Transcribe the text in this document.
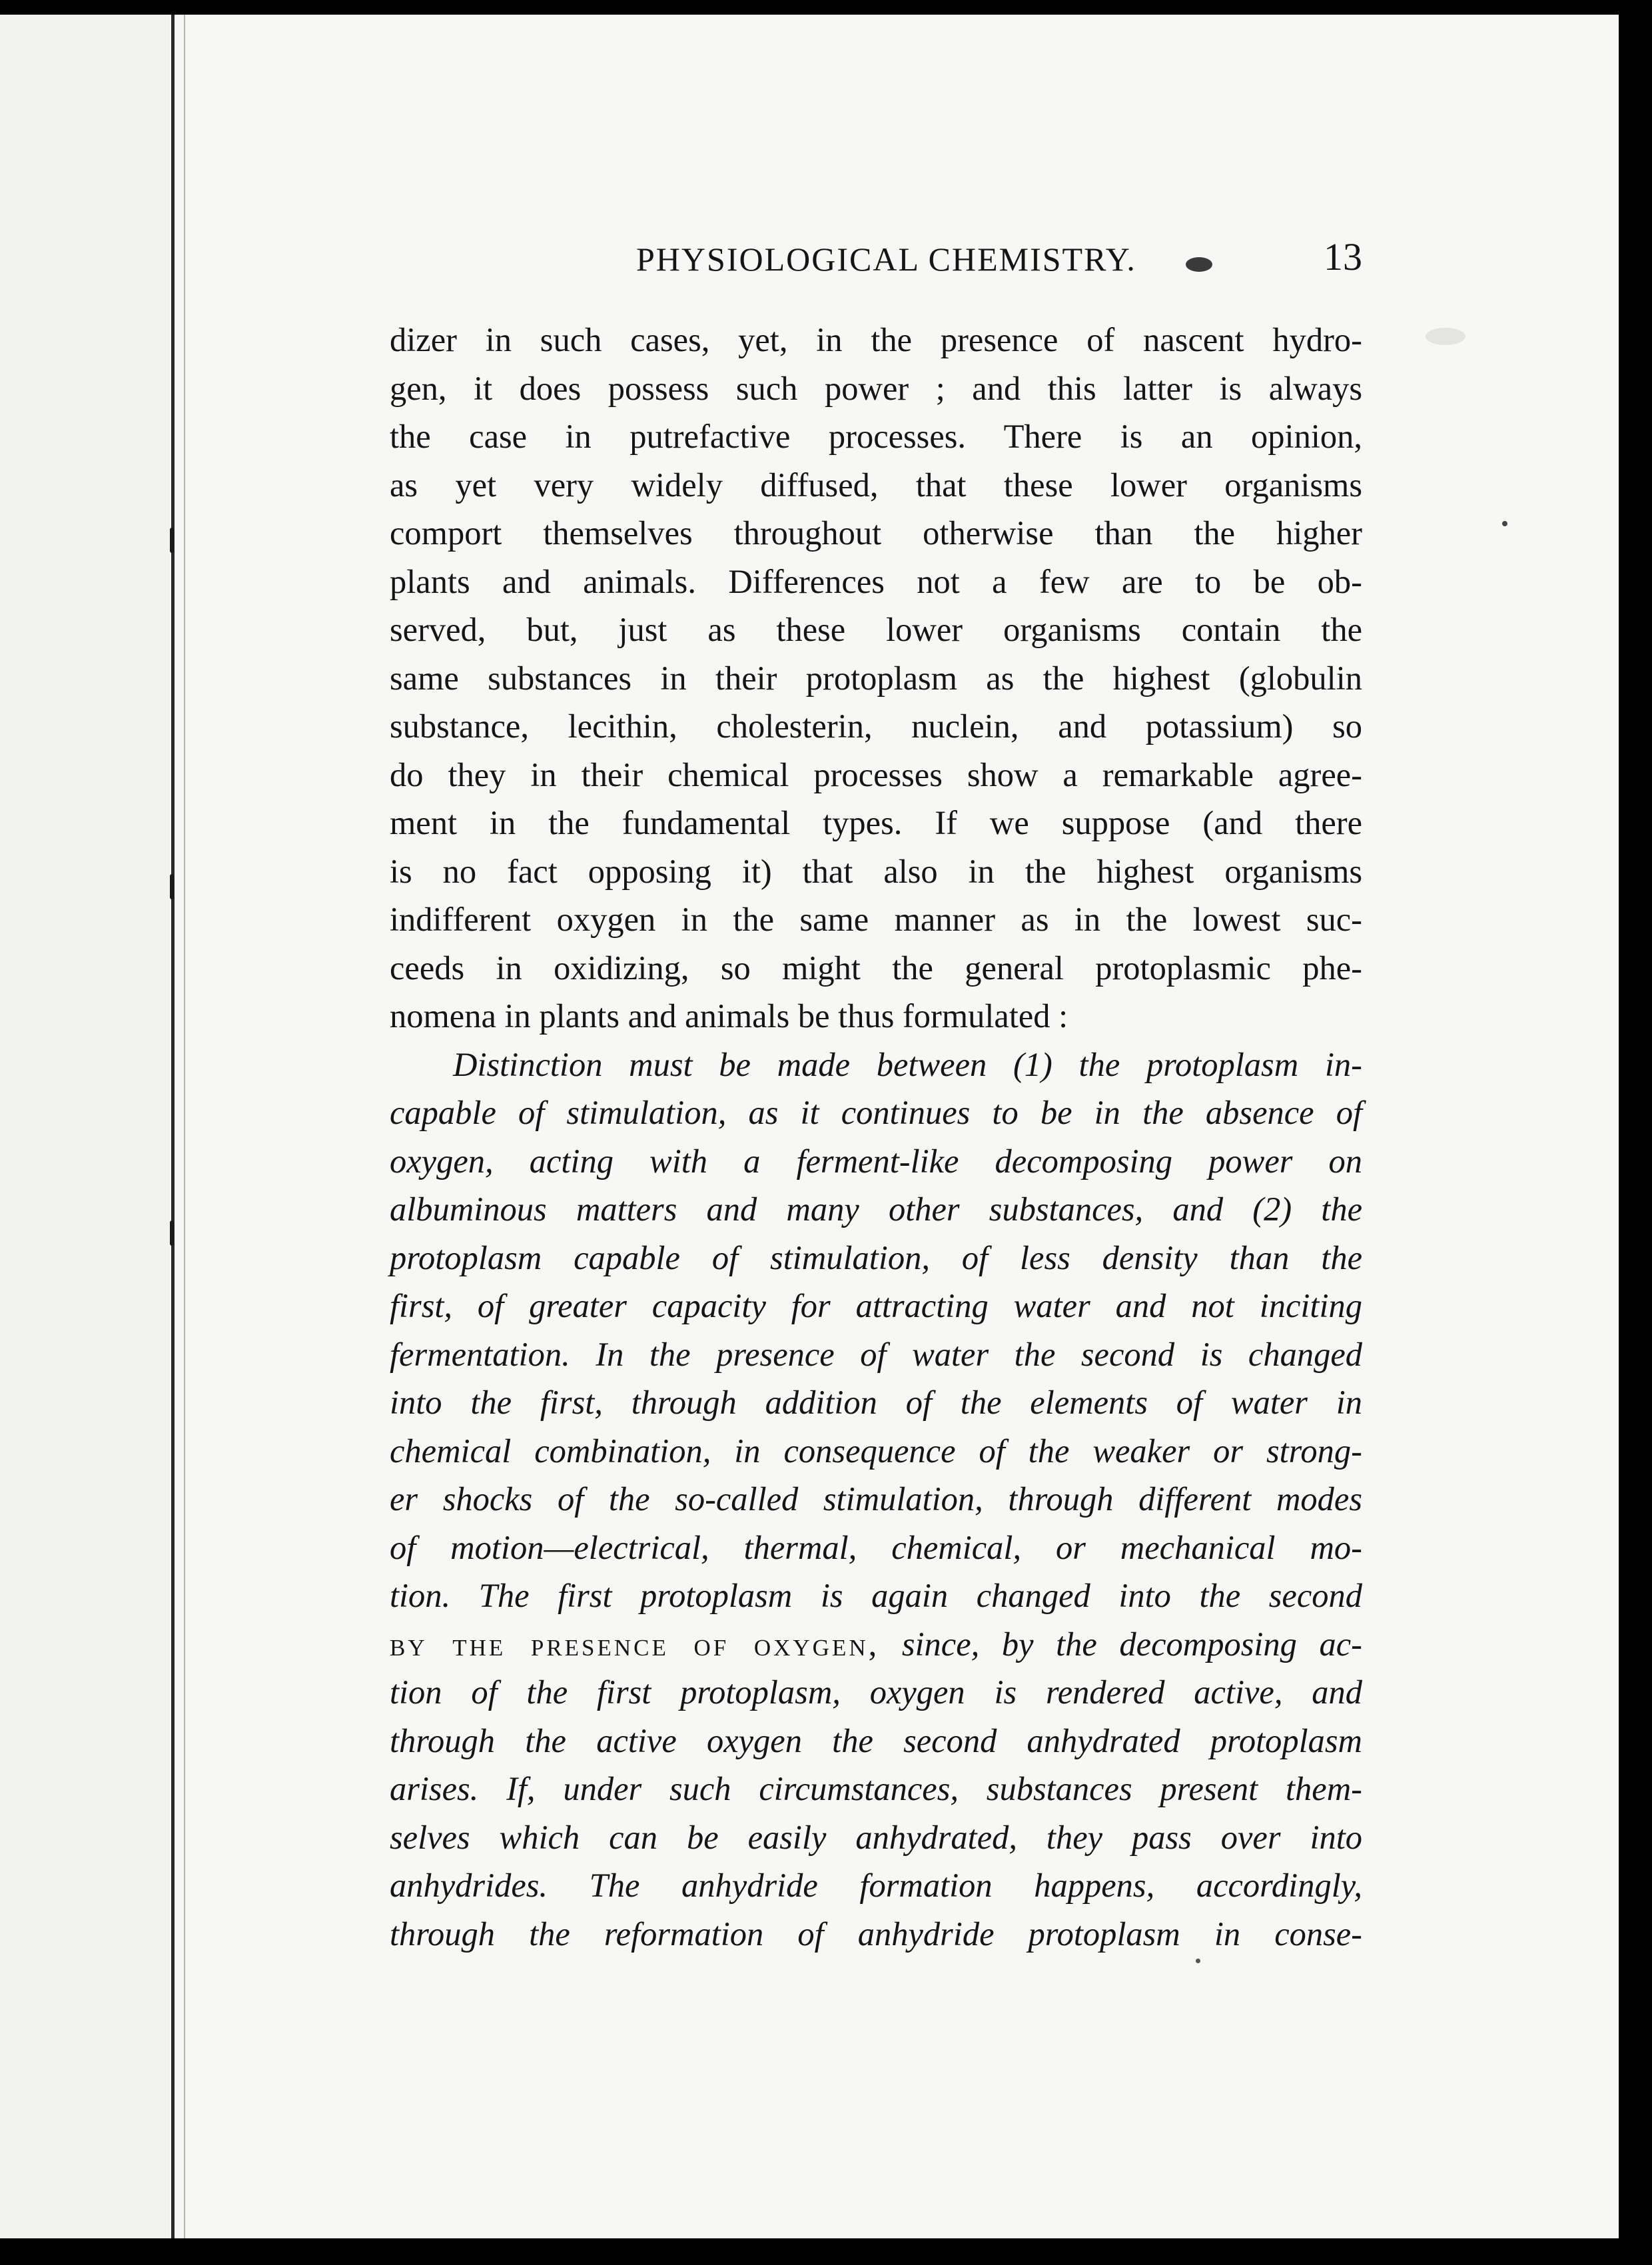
PHYSIOLOGICAL CHEMISTRY.	13
dizer in such cases, yet, in the presence of nascent hydro-
gen, it does possess such power ; and this latter is always
the case in putrefactive processes. There is an opinion,
as yet very widely diffused, that these lower organisms
comport themselves throughout otherwise than the higher
plants and animals. Differences not a few are to be ob-
served, but, just as these lower organisms contain the
same substances in their protoplasm as the highest (globulin
substance, lecithin, cholesterin, nuclein, and potassium) so
do they in their chemical processes show a remarkable agree-
ment in the fundamental types. If we suppose (and there
is no fact opposing it) that also in the highest organisms
indifferent oxygen in the same manner as in the lowest suc-
ceeds in oxidizing, so might the general protoplasmic phe-
nomena in plants and animals be thus formulated :
Distinction must be made between (1) the protoplasm in-
capable of stimulation, as it continues to be in the absence of
oxygen, acting with a ferment-like decomposing power on
albuminous matters and many other substances, and (2) the
protoplasm capable of stimulation, of less density than the
first, of greater capacity for attracting water and not inciting
fermentation. In the presence of water the second is changed
into the first, through addition of the elements of water in
chemical combination, in consequence of the weaker or strong-
er shocks of the so-called stimulation, through different modes
of motion—electrical, thermal, chemical, or mechanical mo-
tion. The first protoplasm is again changed into the second
by the presence of oxygen, since, by the decomposing ac-
tion of the first protoplasm, oxygen is rendered active, and
through the active oxygen the second anhydrated protoplasm
arises. If, under such circumstances, substances present them-
selves which can be easily anhydrated, they pass over into
anhydrides. The anhydride formation happens, accordingly,
through the reformation of anhydride protoplasm in conse-
